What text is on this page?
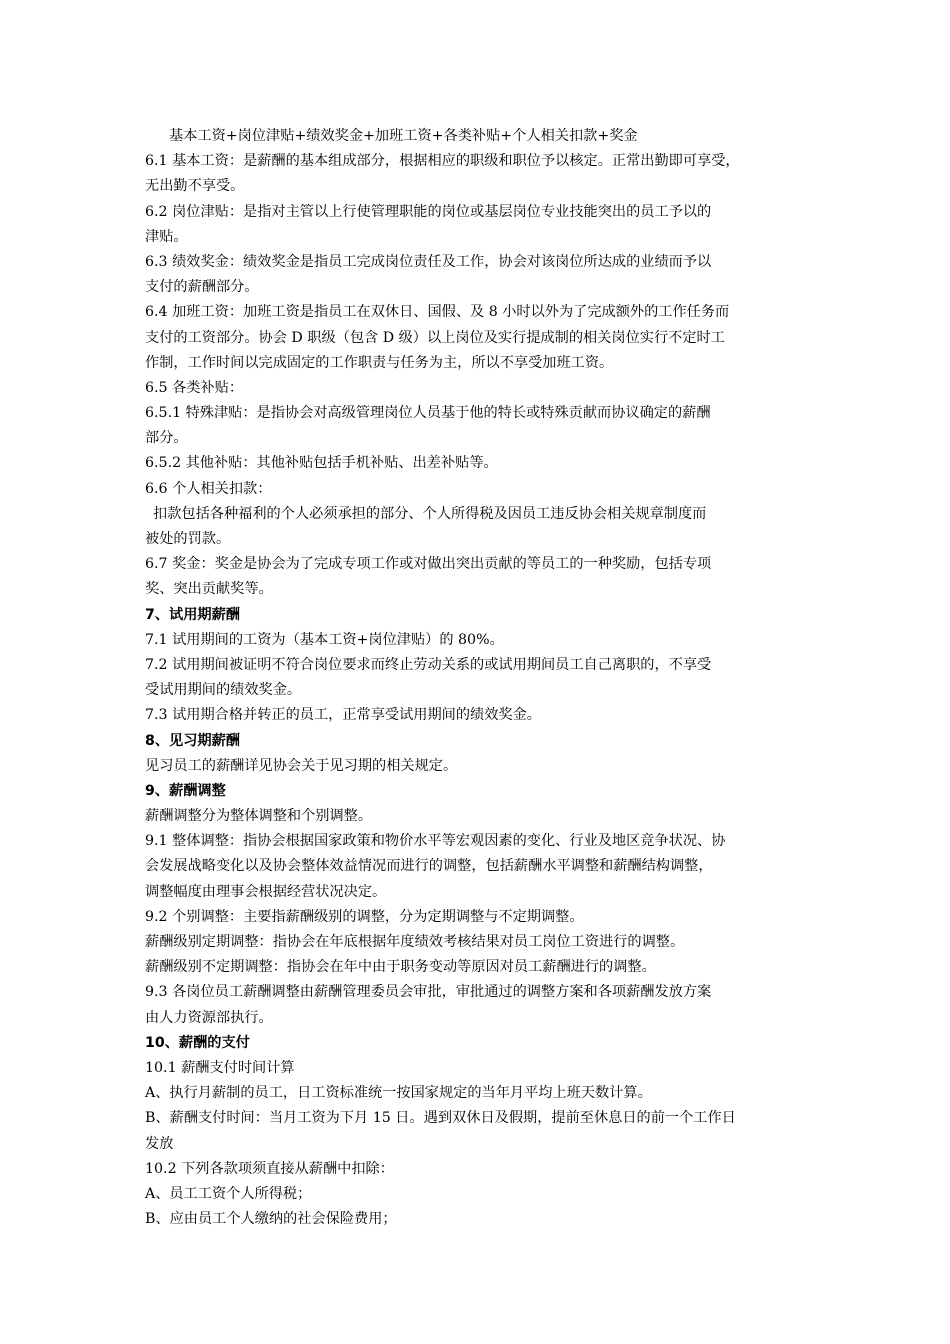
基本工资+岗位津贴+绩效奖金+加班工资+各类补贴+个人相关扣款+奖金
6.1 基本工资：是薪酬的基本组成部分，根据相应的职级和职位予以核定。正常出勤即可享受，
无出勤不享受。
6.2 岗位津贴：是指对主管以上行使管理职能的岗位或基层岗位专业技能突出的员工予以的
津贴。
6.3 绩效奖金：绩效奖金是指员工完成岗位责任及工作，协会对该岗位所达成的业绩而予以
支付的薪酬部分。
6.4 加班工资：加班工资是指员工在双休日、国假、及 8 小时以外为了完成额外的工作任务而
支付的工资部分。协会 D 职级（包含 D 级）以上岗位及实行提成制的相关岗位实行不定时工
作制，工作时间以完成固定的工作职责与任务为主，所以不享受加班工资。
6.5 各类补贴：
6.5.1 特殊津贴：是指协会对高级管理岗位人员基于他的特长或特殊贡献而协议确定的薪酬
部分。
6.5.2 其他补贴：其他补贴包括手机补贴、出差补贴等。
6.6 个人相关扣款：
扣款包括各种福利的个人必须承担的部分、个人所得税及因员工违反协会相关规章制度而
被处的罚款。
6.7 奖金：奖金是协会为了完成专项工作或对做出突出贡献的等员工的一种奖励，包括专项
奖、突出贡献奖等。
7、试用期薪酬
7.1 试用期间的工资为（基本工资+岗位津贴）的 80%。
7.2 试用期间被证明不符合岗位要求而终止劳动关系的或试用期间员工自己离职的，不享受
受试用期间的绩效奖金。
7.3 试用期合格并转正的员工，正常享受试用期间的绩效奖金。
8、见习期薪酬
见习员工的薪酬详见协会关于见习期的相关规定。
9、薪酬调整
薪酬调整分为整体调整和个别调整。
9.1 整体调整：指协会根据国家政策和物价水平等宏观因素的变化、行业及地区竞争状况、协
会发展战略变化以及协会整体效益情况而进行的调整，包括薪酬水平调整和薪酬结构调整，
调整幅度由理事会根据经营状况决定。
9.2 个别调整：主要指薪酬级别的调整，分为定期调整与不定期调整。
薪酬级别定期调整：指协会在年底根据年度绩效考核结果对员工岗位工资进行的调整。
薪酬级别不定期调整：指协会在年中由于职务变动等原因对员工薪酬进行的调整。
9.3 各岗位员工薪酬调整由薪酬管理委员会审批，审批通过的调整方案和各项薪酬发放方案
由人力资源部执行。
10、薪酬的支付
10.1 薪酬支付时间计算
A、执行月薪制的员工，日工资标准统一按国家规定的当年月平均上班天数计算。
B、薪酬支付时间：当月工资为下月 15 日。遇到双休日及假期，提前至休息日的前一个工作日
发放
10.2 下列各款项须直接从薪酬中扣除：
A、员工工资个人所得税；
B、应由员工个人缴纳的社会保险费用；
